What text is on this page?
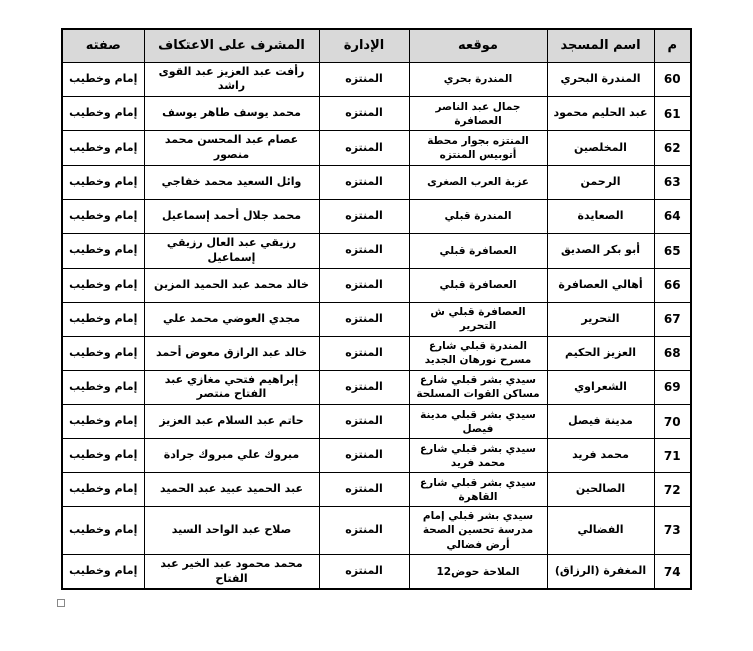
م	اسم المسجد	موقعه	الإدارة	المشرف على الاعتكاف	صفته
60	المندرة البحري	المندرة بحري	المنتزه	رأفت عبد العزيز عبد القوى راشد	إمام وخطيب
61	عبد الحليم محمود	جمال عبد الناصر العصافرة	المنتزه	محمد يوسف طاهر يوسف	إمام وخطيب
62	المخلصين	المنتزه بجوار محطة أتوبيس المنتزه	المنتزه	عصام عبد المحسن محمد منصور	إمام وخطيب
63	الرحمن	عزبة العرب الصغرى	المنتزه	وائل السعيد محمد خفاجي	إمام وخطيب
64	الصعايدة	المندرة قبلي	المنتزه	محمد جلال أحمد إسماعيل	إمام وخطيب
65	أبو بكر الصديق	العصافرة قبلي	المنتزه	رزيقي عبد العال رزيقي إسماعيل	إمام وخطيب
66	أهالي العصافرة	العصافرة قبلي	المنتزه	خالد محمد عبد الحميد المزين	إمام وخطيب
67	التحرير	العصافرة قبلي ش التحرير	المنتزه	مجدي العوضي محمد علي	إمام وخطيب
68	العزيز الحكيم	المندرة قبلي شارع مسرح نورهان الجديد	المنتزه	خالد عبد الرازق معوض أحمد	إمام وخطيب
69	الشعراوي	سيدي بشر قبلي شارع مساكن القوات المسلحة	المنتزه	إبراهيم فتحي مغازي عبد الفتاح منتصر	إمام وخطيب
70	مدينة فيصل	سيدي بشر قبلي مدينة فيصل	المنتزه	حاتم عبد السلام عبد العزيز	إمام وخطيب
71	محمد فريد	سيدي بشر قبلي شارع محمد فريد	المنتزه	مبروك علي مبروك جرادة	إمام وخطيب
72	الصالحين	سيدي بشر قبلي شارع القاهرة	المنتزه	عبد الحميد عبيد عبد الحميد	إمام وخطيب
73	الفضالي	سيدي بشر قبلي إمام مدرسة تحسين الصحة أرض فضالي	المنتزه	صلاح عبد الواحد السيد	إمام وخطيب
74	المغفرة (الرزاق)	الملاحة حوض12	المنتزه	محمد محمود عبد الخير عبد الفتاح	إمام وخطيب
